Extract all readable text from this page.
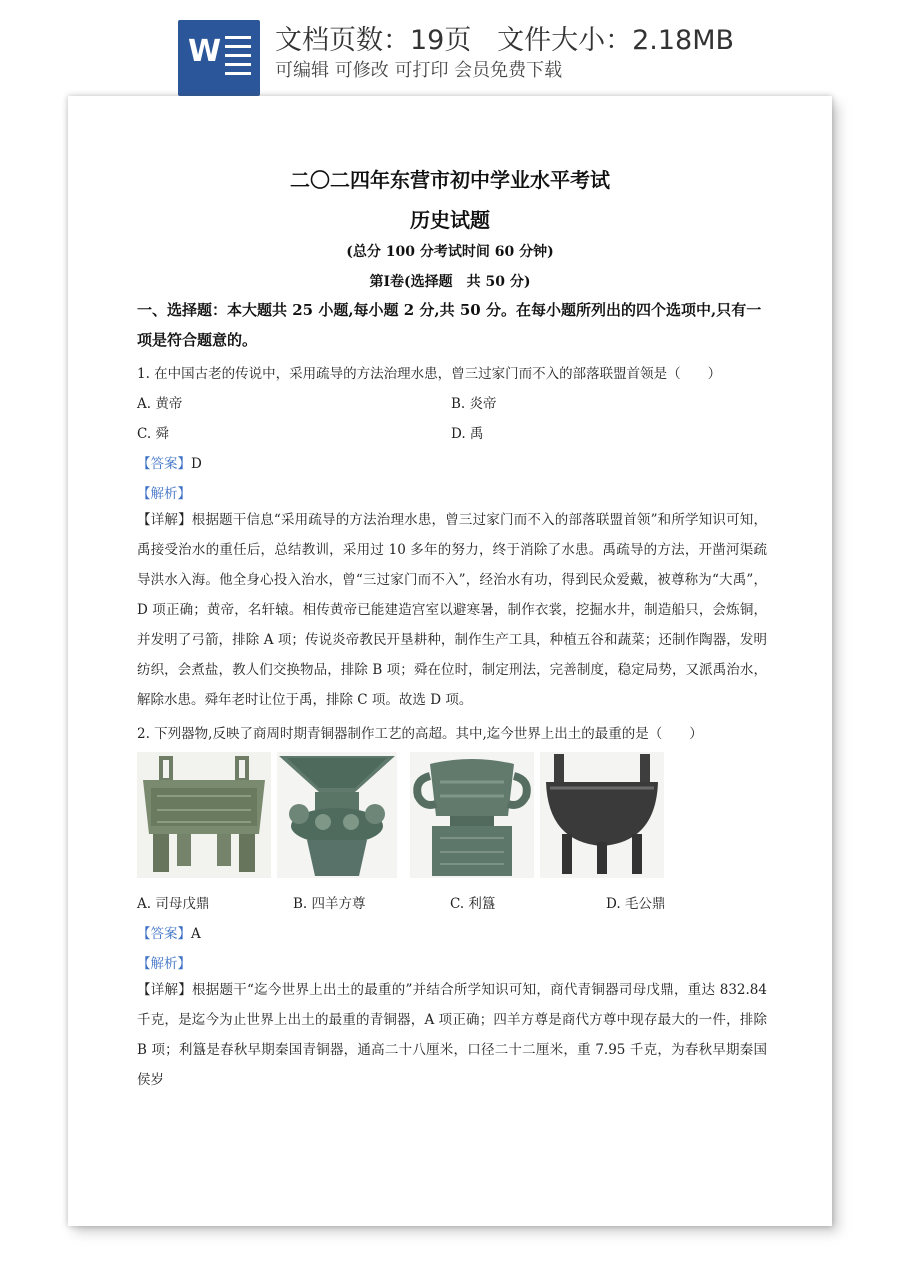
W 文档页数：19页   文件大小：2.18MB
可编辑 可修改 可打印 会员免费下载
二〇二四年东营市初中学业水平考试
历史试题
(总分 100 分考试时间 60 分钟)
第Ⅰ卷(选择题　共 50 分)
一、选择题：本大题共 25 小题,每小题 2 分,共 50 分。在每小题所列出的四个选项中,只有一项是符合题意的。
1. 在中国古老的传说中，采用疏导的方法治理水患，曾三过家门而不入的部落联盟首领是（　　）
A. 黄帝	B. 炎帝
C. 舜	D. 禹
【答案】D
【解析】
【详解】根据题干信息“采用疏导的方法治理水患，曾三过家门而不入的部落联盟首领”和所学知识可知，禹接受治水的重任后，总结教训，采用过 10 多年的努力，终于消除了水患。禹疏导的方法，开凿河渠疏导洪水入海。他全身心投入治水，曾“三过家门而不入”，经治水有功，得到民众爱戴，被尊称为“大禹”，D 项正确；黄帝，名轩辕。相传黄帝已能建造宫室以避寒暑，制作衣裳，挖掘水井，制造船只，会炼铜，并发明了弓箭，排除 A 项；传说炎帝教民开垦耕种，制作生产工具，种植五谷和蔬菜；还制作陶器，发明纺织，会煮盐，教人们交换物品，排除 B 项；舜在位时，制定刑法，完善制度，稳定局势，又派禹治水，解除水患。舜年老时让位于禹，排除 C 项。故选 D 项。
2. 下列器物,反映了商周时期青铜器制作工艺的高超。其中,迄今世界上出土的最重的是（　　）
A. 司母戊鼎	B. 四羊方尊	C. 利簋	D. 毛公鼎
【答案】A
【解析】
【详解】根据题干“迄今世界上出土的最重的”并结合所学知识可知，商代青铜器司母戊鼎，重达 832.84 千克，是迄今为止世界上出土的最重的青铜器，A 项正确；四羊方尊是商代方尊中现存最大的一件，排除 B 项；利簋是春秋早期秦国青铜器，通高二十八厘米，口径二十二厘米，重 7.95 千克，为春秋早期秦国侯岁
